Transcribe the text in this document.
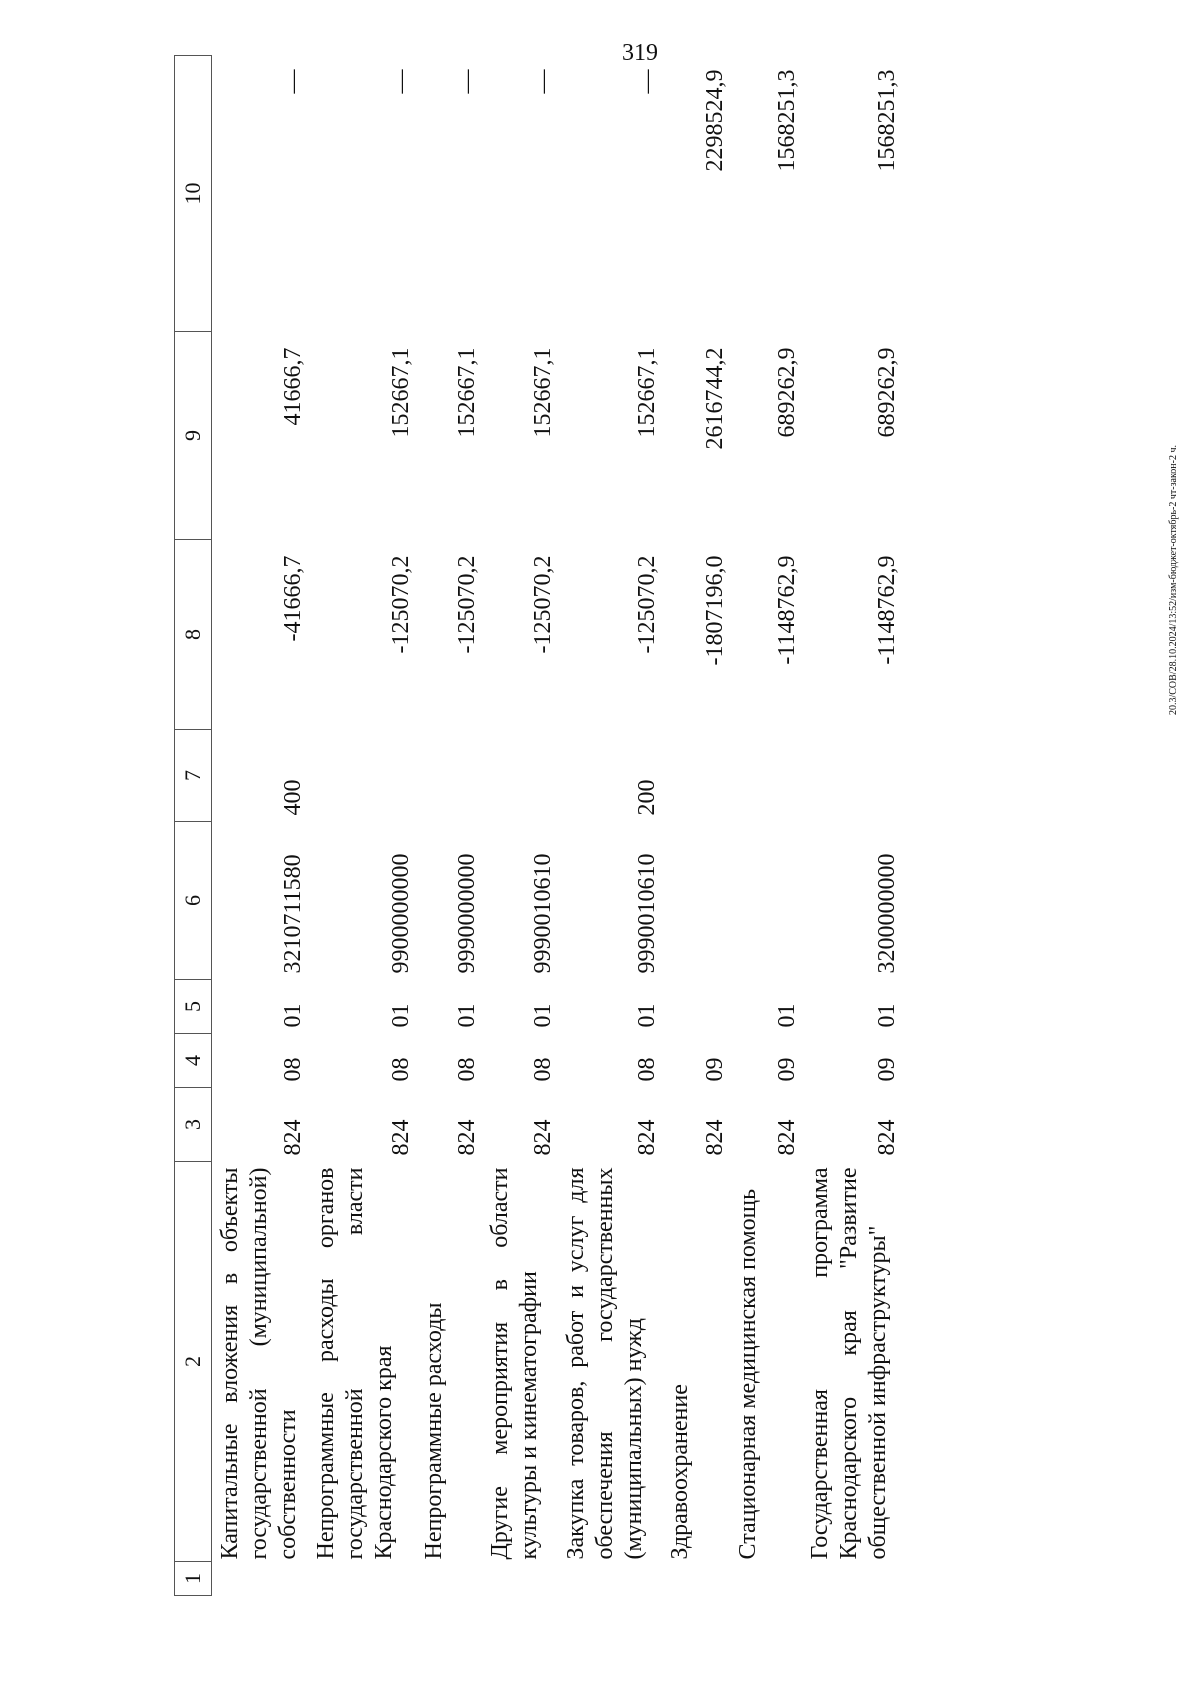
319
20.3/СОВ/28.10.2024/13:52/изм-бюджет-октябрь-2 чт-закон-2 ч.
1	2	3	4	5	6	7	8	9	10
	Капитальные вложения в объекты государственной (муниципальной) собственности	824	08	01	3210711580	400	-41666,7	41666,7	—
	Непрограммные расходы органов государственной власти Краснодарского края	824	08	01	9900000000		-125070,2	152667,1	—
	Непрограммные расходы	824	08	01	9990000000		-125070,2	152667,1	—
	Другие мероприятия в области культуры и кинематографии	824	08	01	9990010610		-125070,2	152667,1	—
	Закупка товаров, работ и услуг для обеспечения государственных (муниципальных) нужд	824	08	01	9990010610	200	-125070,2	152667,1	—
	Здравоохранение	824	09				-1807196,0	2616744,2	2298524,9
	Стационарная медицинская помощь	824	09	01			-1148762,9	689262,9	1568251,3
	Государственная программа Краснодарского края "Развитие общественной инфраструктуры"	824	09	01	3200000000		-1148762,9	689262,9	1568251,3
